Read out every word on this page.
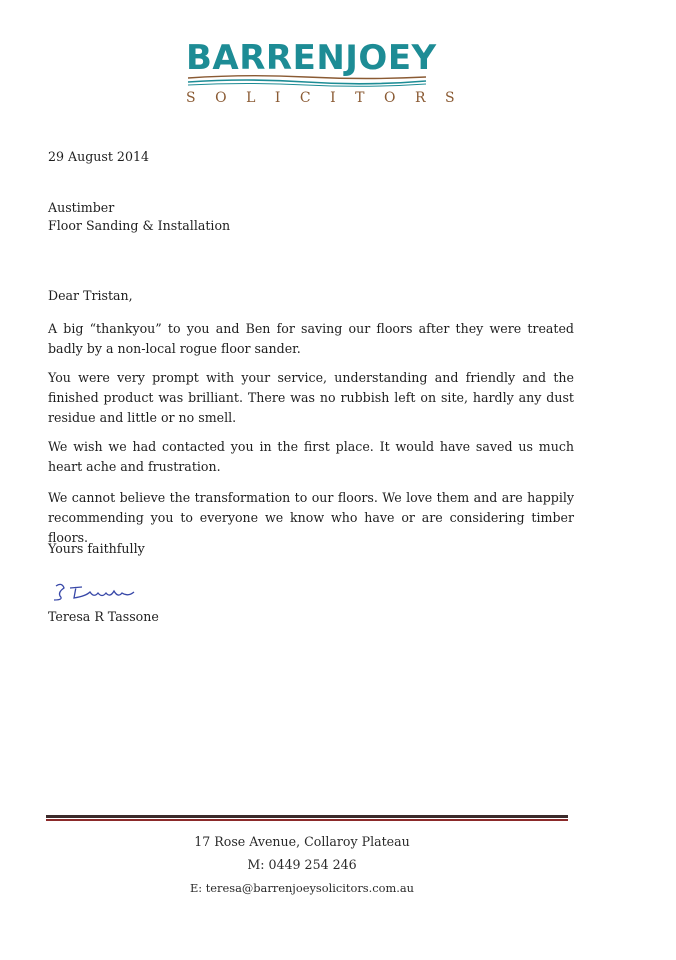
BARRENJOEY
SOLICITORS
29 August 2014
Austimber
Floor Sanding & Installation
Dear Tristan,
A big “thankyou” to you and Ben for saving our floors after they were treated badly by a non-local rogue floor sander.
You were very prompt with your service, understanding and friendly and the finished product was brilliant. There was no rubbish left on site, hardly any dust residue and little or no smell.
We wish we had contacted you in the first place. It would have saved us much heart ache and frustration.
We cannot believe the transformation to our floors. We love them and are happily recommending you to everyone we know who have or are considering timber floors.
Yours faithfully
Teresa R Tassone
17 Rose Avenue, Collaroy Plateau
M: 0449 254 246
E: teresa@barrenjoeysolicitors.com.au
